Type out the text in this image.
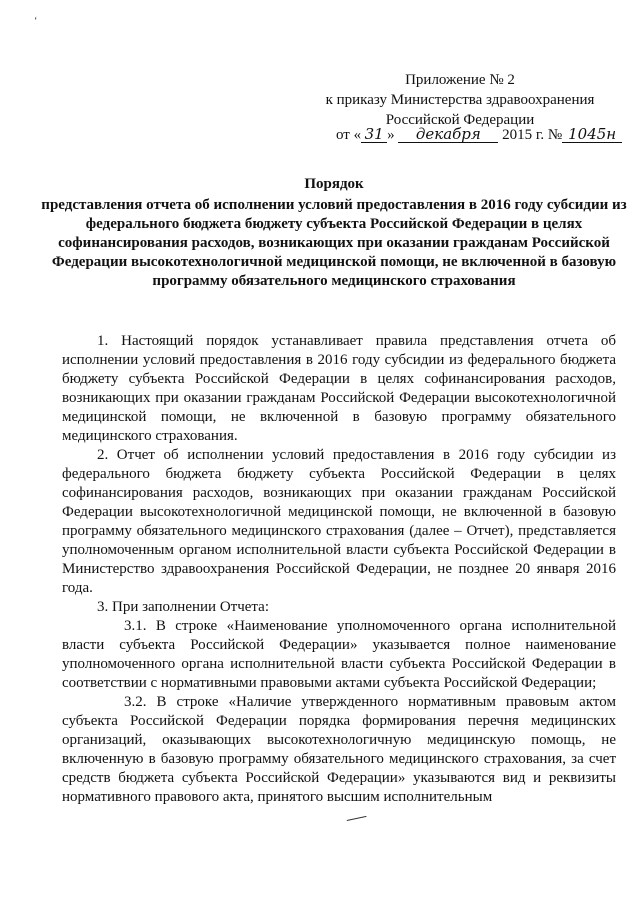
‘
Приложение № 2
к приказу Министерства здравоохранения
Российской Федерации
от « 31 » декабря 2015 г. № 1045н
Порядок
представления отчета об исполнении условий предоставления в 2016 году субсидии из федерального бюджета бюджету субъекта Российской Федерации в целях софинансирования расходов, возникающих при оказании гражданам Российской Федерации высокотехнологичной медицинской помощи, не включенной в базовую программу обязательного медицинского страхования

1. Настоящий порядок устанавливает правила представления отчета об исполнении условий предоставления в 2016 году субсидии из федерального бюджета бюджету субъекта Российской Федерации в целях софинансирования расходов, возникающих при оказании гражданам Российской Федерации высокотехнологичной медицинской помощи, не включенной в базовую программу обязательного медицинского страхования.

2. Отчет об исполнении условий предоставления в 2016 году субсидии из федерального бюджета бюджету субъекта Российской Федерации в целях софинансирования расходов, возникающих при оказании гражданам Российской Федерации высокотехнологичной медицинской помощи, не включенной в базовую программу обязательного медицинского страхования (далее – Отчет), представляется уполномоченным органом исполнительной власти субъекта Российской Федерации в Министерство здравоохранения Российской Федерации, не позднее 20 января 2016 года.

3. При заполнении Отчета:

3.1. В строке «Наименование уполномоченного органа исполнительной власти субъекта Российской Федерации» указывается полное наименование уполномоченного органа исполнительной власти субъекта Российской Федерации в соответствии с нормативными правовыми актами субъекта Российской Федерации;

3.2. В строке «Наличие утвержденного нормативным правовым актом субъекта Российской Федерации порядка формирования перечня медицинских организаций, оказывающих высокотехнологичную медицинскую помощь, не включенную в базовую программу обязательного медицинского страхования, за счет средств бюджета субъекта Российской Федерации» указываются вид и реквизиты нормативного правового акта, принятого высшим исполнительным
